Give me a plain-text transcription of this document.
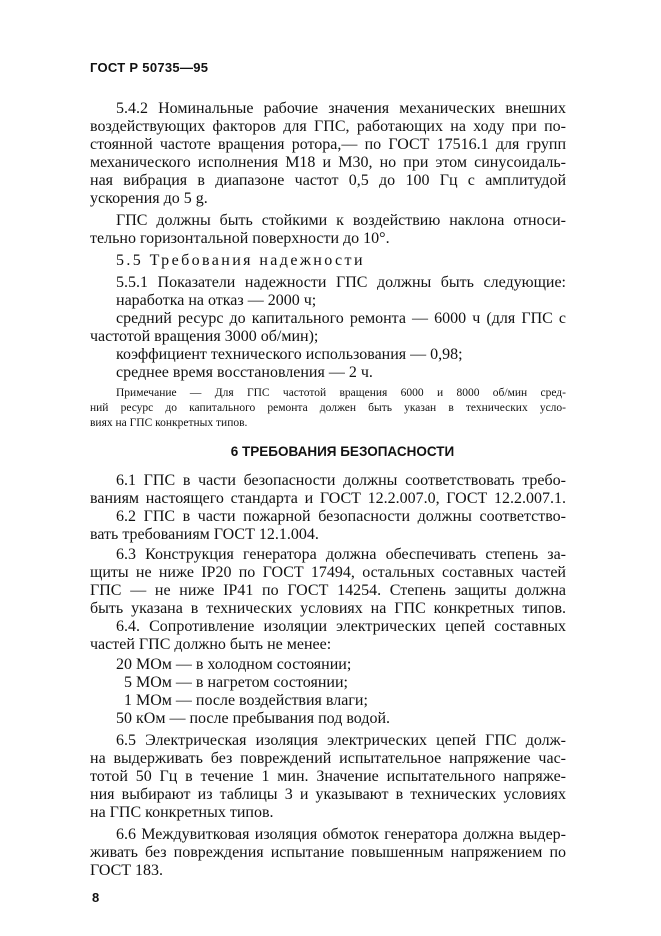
ГОСТ Р 50735—95
5.4.2 Номинальные рабочие значения механических внешних
воздействующих факторов для ГПС, работающих на ходу при по-
стоянной частоте вращения ротора,— по ГОСТ 17516.1 для групп
механического исполнения М18 и М30, но при этом синусоидаль-
ная вибрация в диапазоне частот 0,5 до 100 Гц с амплитудой
ускорения до 5 g.
ГПС должны быть стойкими к воздействию наклона относи-
тельно горизонтальной поверхности до 10°.
5.5 Требования надежности
5.5.1 Показатели надежности ГПС должны быть следующие:
наработка на отказ — 2000 ч;
средний ресурс до капитального ремонта — 6000 ч (для ГПС с
частотой вращения 3000 об/мин);
коэффициент технического использования — 0,98;
среднее время восстановления — 2 ч.
Примечание — Для ГПС частотой вращения 6000 и 8000 об/мин сред-
ний ресурс до капитального ремонта должен быть указан в технических усло-
виях на ГПС конкретных типов.
6 ТРЕБОВАНИЯ БЕЗОПАСНОСТИ
6.1 ГПС в части безопасности должны соответствовать требо-
ваниям настоящего стандарта и ГОСТ 12.2.007.0, ГОСТ 12.2.007.1.
6.2 ГПС в части пожарной безопасности должны соответство-
вать требованиям ГОСТ 12.1.004.
6.3 Конструкция генератора должна обеспечивать степень за-
щиты не ниже IP20 по ГОСТ 17494, остальных составных частей
ГПС — не ниже IP41 по ГОСТ 14254. Степень защиты должна
быть указана в технических условиях на ГПС конкретных типов.
6.4. Сопротивление изоляции электрических цепей составных
частей ГПС должно быть не менее:
20 МОм — в холодном состоянии;
5 МОм — в нагретом состоянии;
1 МОм — после воздействия влаги;
50 кОм — после пребывания под водой.
6.5 Электрическая изоляция электрических цепей ГПС долж-
на выдерживать без повреждений испытательное напряжение час-
тотой 50 Гц в течение 1 мин. Значение испытательного напряже-
ния выбирают из таблицы 3 и указывают в технических условиях
на ГПС конкретных типов.
6.6 Междувитковая изоляция обмоток генератора должна выдер-
живать без повреждения испытание повышенным напряжением по
ГОСТ 183.
8
